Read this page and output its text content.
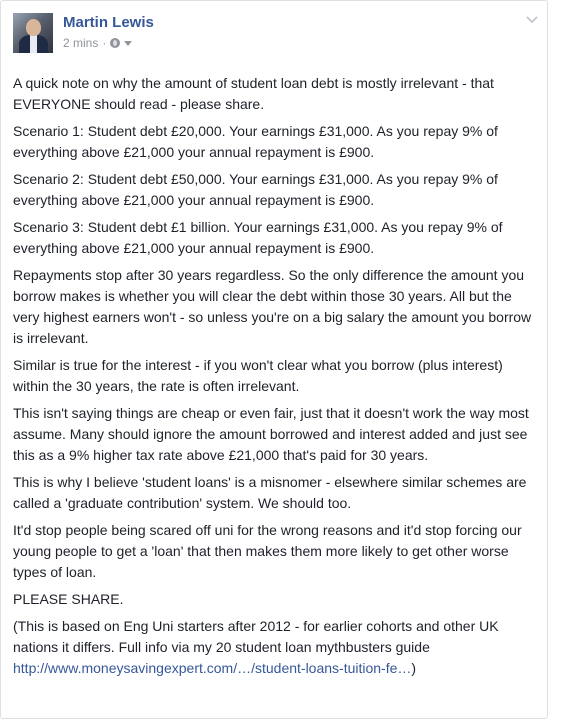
Martin Lewis
2 mins ·

A quick note on why the amount of student loan debt is mostly irrelevant - that EVERYONE should read - please share.

Scenario 1: Student debt £20,000. Your earnings £31,000. As you repay 9% of everything above £21,000 your annual repayment is £900.

Scenario 2: Student debt £50,000. Your earnings £31,000. As you repay 9% of everything above £21,000 your annual repayment is £900.

Scenario 3: Student debt £1 billion. Your earnings £31,000. As you repay 9% of everything above £21,000 your annual repayment is £900.

Repayments stop after 30 years regardless. So the only difference the amount you borrow makes is whether you will clear the debt within those 30 years. All but the very highest earners won't - so unless you're on a big salary the amount you borrow is irrelevant.

Similar is true for the interest - if you won't clear what you borrow (plus interest) within the 30 years, the rate is often irrelevant.

This isn't saying things are cheap or even fair, just that it doesn't work the way most assume. Many should ignore the amount borrowed and interest added and just see this as a 9% higher tax rate above £21,000 that's paid for 30 years.

This is why I believe 'student loans' is a misnomer - elsewhere similar schemes are called a 'graduate contribution' system. We should too.

It'd stop people being scared off uni for the wrong reasons and it'd stop forcing our young people to get a 'loan' that then makes them more likely to get other worse types of loan.

PLEASE SHARE.

(This is based on Eng Uni starters after 2012 - for earlier cohorts and other UK nations it differs. Full info via my 20 student loan mythbusters guide http://www.moneysavingexpert.com/…/student-loans-tuition-fe…)
